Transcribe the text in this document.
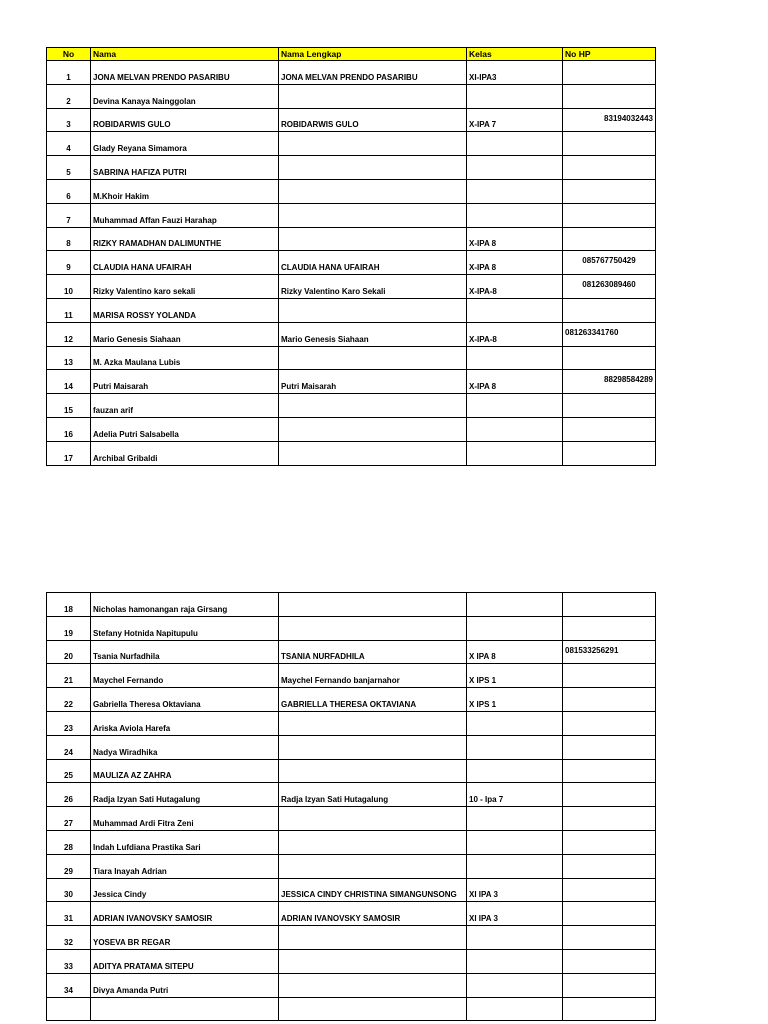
No	Nama	Nama Lengkap	Kelas	No HP
1	JONA MELVAN PRENDO PASARIBU	JONA MELVAN PRENDO PASARIBU	XI-IPA3	
2	Devina Kanaya Nainggolan			
3	ROBIDARWIS GULO	ROBIDARWIS GULO	X-IPA 7	83194032443
4	Glady Reyana Simamora			
5	SABRINA HAFIZA PUTRI			
6	M.Khoir Hakim			
7	Muhammad Affan Fauzi Harahap			
8	RIZKY RAMADHAN DALIMUNTHE		X-IPA 8	
9	CLAUDIA HANA UFAIRAH	CLAUDIA HANA UFAIRAH	X-IPA 8	085767750429
10	Rizky Valentino karo sekali	Rizky Valentino Karo Sekali	X-IPA-8	081263089460
11	MARISA ROSSY YOLANDA			
12	Mario Genesis Siahaan	Mario Genesis Siahaan	X-IPA-8	081263341760
13	M. Azka Maulana Lubis			
14	Putri Maisarah	Putri Maisarah	X-IPA 8	88298584289
15	fauzan arif			
16	Adelia Putri Salsabella			
17	Archibal Gribaldi			
18	Nicholas hamonangan raja Girsang			
19	Stefany Hotnida Napitupulu			
20	Tsania Nurfadhila	TSANIA NURFADHILA	X IPA 8	081533256291
21	Maychel Fernando	Maychel Fernando banjarnahor	X IPS 1	
22	Gabriella Theresa Oktaviana	GABRIELLA THERESA OKTAVIANA	X IPS 1	
23	Ariska Aviola Harefa			
24	Nadya Wiradhika			
25	MAULIZA AZ ZAHRA			
26	Radja Izyan Sati Hutagalung	Radja Izyan Sati Hutagalung	10 - Ipa 7	
27	Muhammad Ardi Fitra Zeni			
28	Indah Lufdiana Prastika Sari			
29	Tiara Inayah Adrian			
30	Jessica Cindy	JESSICA CINDY CHRISTINA SIMANGUNSONG	XI IPA 3	
31	ADRIAN IVANOVSKY SAMOSIR	ADRIAN IVANOVSKY SAMOSIR	XI IPA 3	
32	YOSEVA BR REGAR			
33	ADITYA PRATAMA SITEPU			
34	Divya Amanda Putri			
